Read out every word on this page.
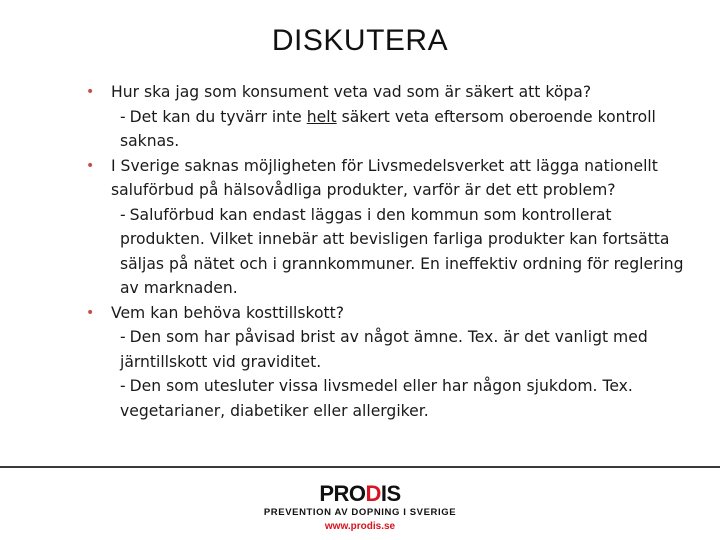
DISKUTERA
• Hur ska jag som konsument veta vad som är säkert att köpa?
- Det kan du tyvärr inte helt säkert veta eftersom oberoende kontroll saknas.
• I Sverige saknas möjligheten för Livsmedelsverket att lägga nationellt saluförbud på hälsovådliga produkter, varför är det ett problem?
- Saluförbud kan endast läggas i den kommun som kontrollerat produkten. Vilket innebär att bevisligen farliga produkter kan fortsätta säljas på nätet och i grannkommuner. En ineffektiv ordning för reglering av marknaden.
• Vem kan behöva kosttillskott?
- Den som har påvisad brist av något ämne. Tex. är det vanligt med järntillskott vid graviditet.
- Den som utesluter vissa livsmedel eller har någon sjukdom. Tex. vegetarianer, diabetiker eller allergiker.
PRODIS
PREVENTION AV DOPNING I SVERIGE
www.prodis.se
